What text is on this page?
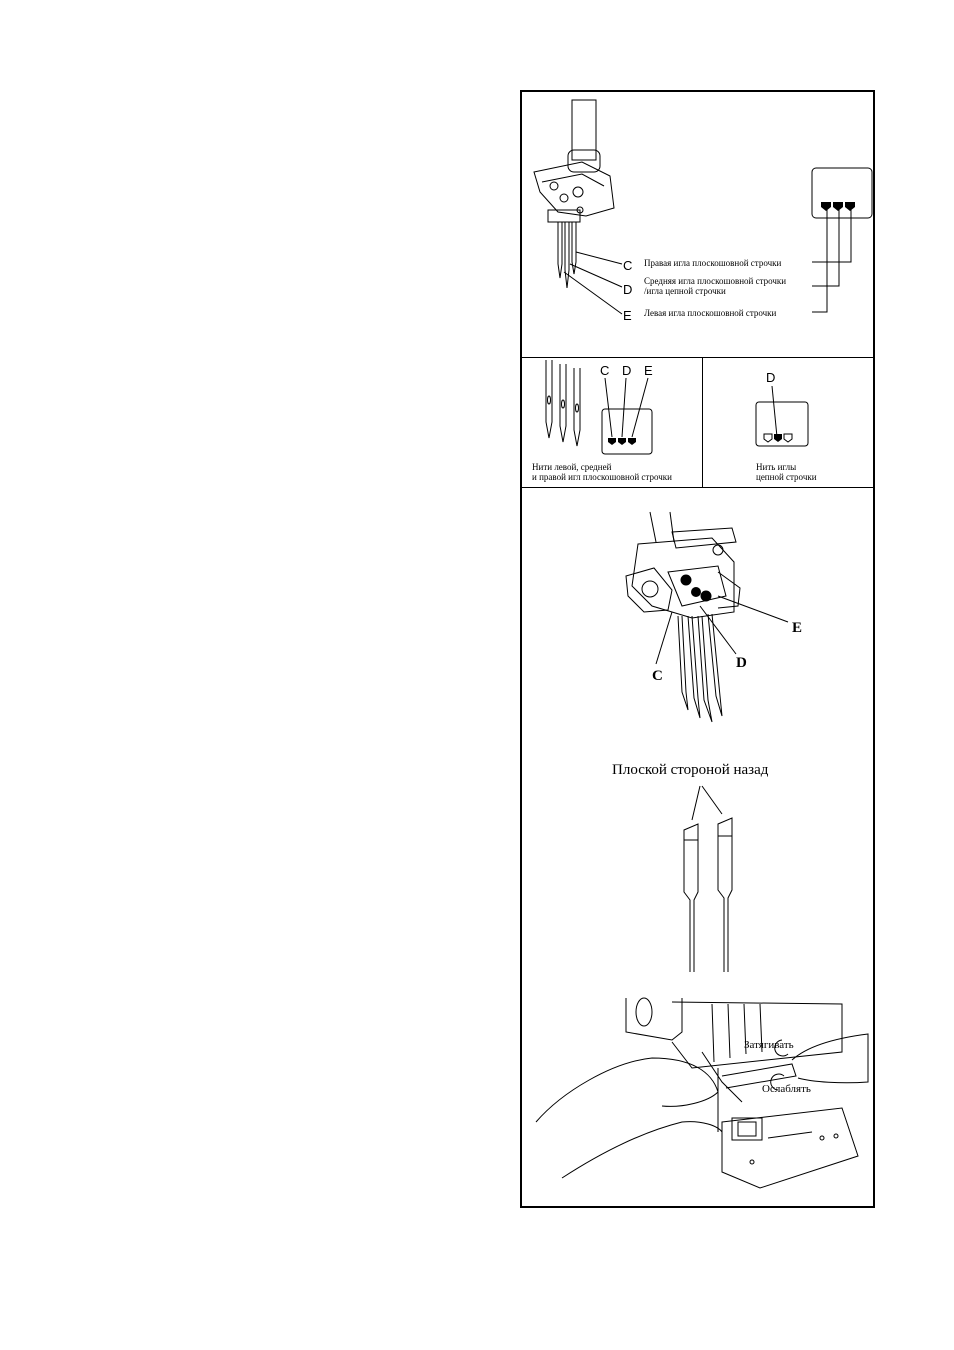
C
D
E
Правая игла плоскошовной строчки
Средняя игла плоскошовной строчки
/игла цепной строчки
Левая игла плоскошовной строчки
C D E
Нити левой, средней
и правой игл плоскошовной строчки
D
Нить иглы
цепной строчки
C
D
E
Плоской стороной назад
Затягивать
Ослаблять
